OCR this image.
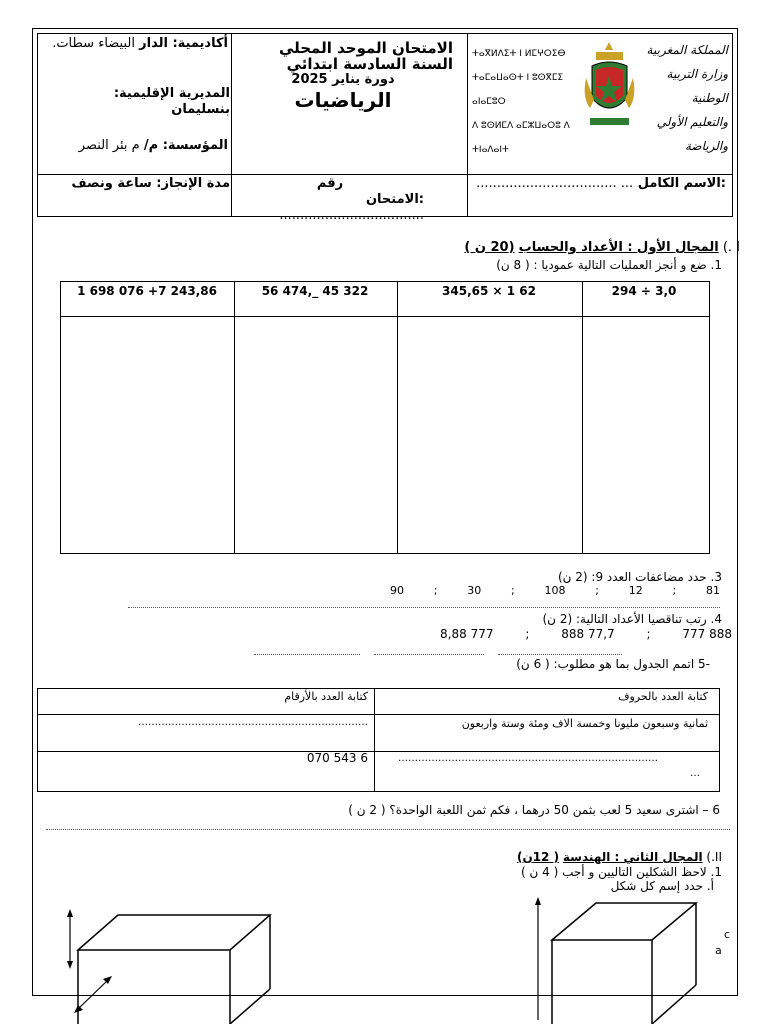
أكاديمية: الدار البيضاء سطات.
المديرية الإقليمية:
بنسليمان
المؤسسة: م/ م بئر النصر
الامتحان الموحد المحلي
السنة السادسة ابتدائي
دورة يناير 2025
الرياضيات
ⵜⴰⴳⵍⴷⵉⵜ ⵏ ⵍⵎⵖⵔⵉⴱ
ⵜⴰⵎⴰⵡⴰⵙⵜ ⵏ ⵓⵙⴳⵎⵉ ⴰⵏⴰⵎⵓⵔ
ⴷ ⵓⵙⵍⵎⴷ ⴰⵎⵣⵡⴰⵔⵓ ⴷ ⵜⵏⴰⴷⴰⵏⵜ
المملكة المغربية
وزارة التربية الوطنية
والتعليم الأولي والرياضة
مدة الإنجاز: ساعة ونصف	رقم
:الامتحان ...................................
:الاسم الكامل ... ..................................
I .) المجال الأول : الأعداد والحساب (20 ن )
1. ضع و أنجز العمليات التالية عموديا : ( 8 ن)
294 ÷ 3,0
345,65 × 1 62
56 474,_ 45 322
1 698 076 +7 243,86
3. حدد مضاعفات العدد 9: (2 ن)
81
;
12
;
108
;
30
;
90
4. رتب تناقصيا الأعداد التالية: (2 ن)
888 777
;
77,7 888
;
777 8,88
-5 اتمم الجدول بما هو مطلوب: ( 6 ن)
كتابة العدد بالحروف
كتابة العدد بالأرقام
ثمانية وسبعون مليونا وخمسة الاف ومئة وستة واربعون
……………………………………………………………
……………………………………………………………………
…
6 543 070
6 – اشترى سعيد 5 لعب بثمن 50 درهما ، فكم ثمن اللعبة الواحدة؟ ( 2 ن )
II.) المجال الثاني : الهندسة ( 12ن)
1. لاحظ الشكلين التاليين و أجب ( 4 ن )
أ. حدد إسم كل شكل
c
a
